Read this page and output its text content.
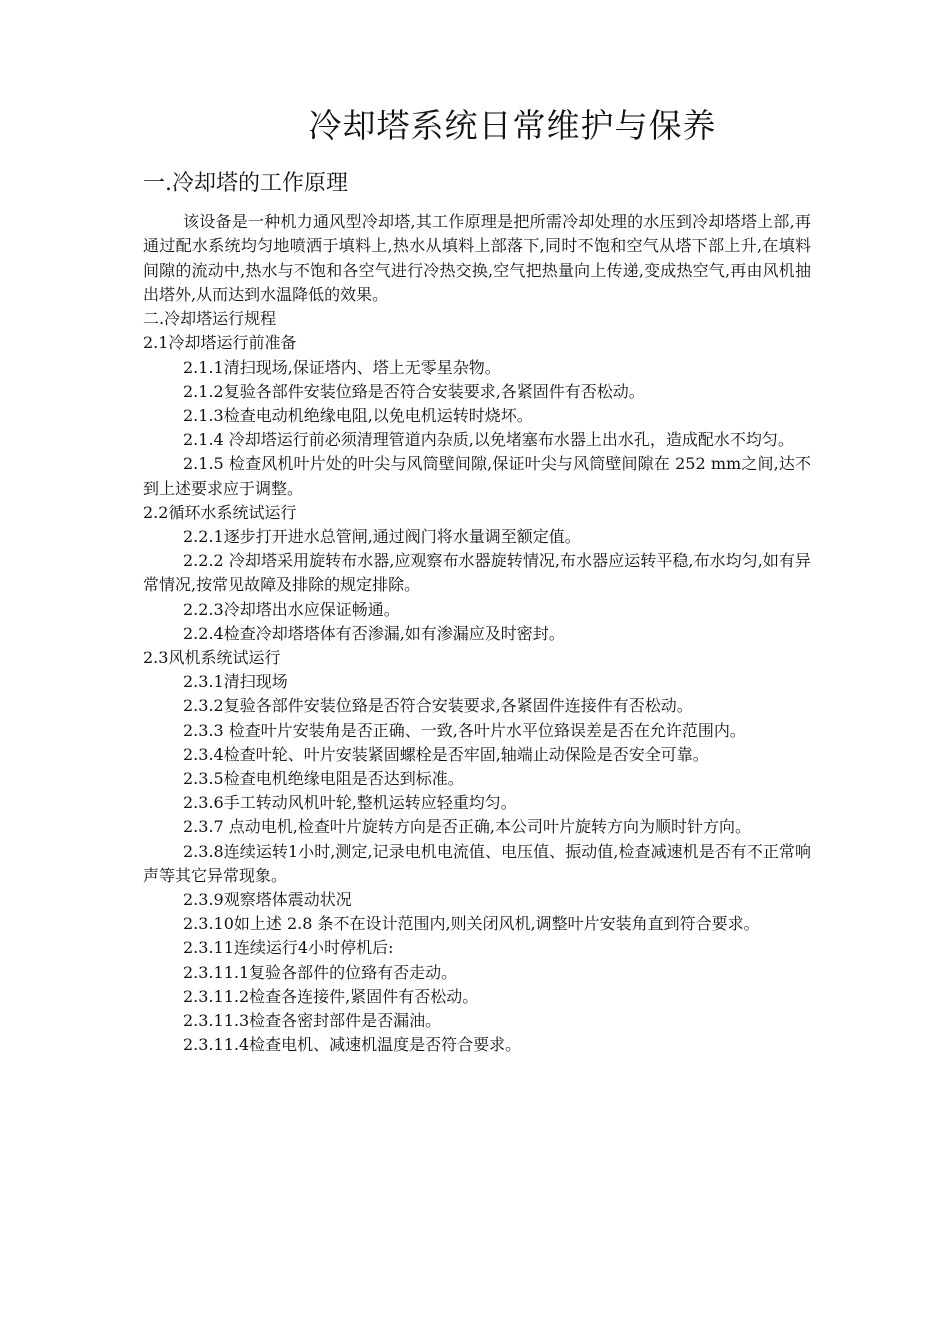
冷却塔系统日常维护与保养
一.冷却塔的工作原理

该设备是一种机力通风型冷却塔,其工作原理是把所需冷却处理的水压到冷却塔塔上部,再通过配水系统均匀地喷洒于填料上,热水从填料上部落下,同时不饱和空气从塔下部上升,在填料间隙的流动中,热水与不饱和各空气进行冷热交换,空气把热量向上传递,变成热空气,再由风机抽出塔外,从而达到水温降低的效果。

二.冷却塔运行规程

2.1冷却塔运行前准备

2.1.1清扫现场,保证塔内、塔上无零星杂物。

2.1.2复验各部件安装位臵是否符合安装要求,各紧固件有否松动。

2.1.3检查电动机绝缘电阻,以免电机运转时烧坏。

2.1.4 冷却塔运行前必须清理管道内杂质,以免堵塞布水器上出水孔，造成配水不均匀。

2.1.5 检查风机叶片处的叶尖与风筒壁间隙,保证叶尖与风筒壁间隙在 252 mm之间,达不到上述要求应于调整。

2.2循环水系统试运行

2.2.1逐步打开进水总管闸,通过阀门将水量调至额定值。

2.2.2 冷却塔采用旋转布水器,应观察布水器旋转情况,布水器应运转平稳,布水均匀,如有异常情况,按常见故障及排除的规定排除。

2.2.3冷却塔出水应保证畅通。

2.2.4检查冷却塔塔体有否渗漏,如有渗漏应及时密封。

2.3风机系统试运行

2.3.1清扫现场

2.3.2复验各部件安装位臵是否符合安装要求,各紧固件连接件有否松动。

2.3.3 检查叶片安装角是否正确、一致,各叶片水平位臵误差是否在允许范围内。

2.3.4检查叶轮、叶片安装紧固螺栓是否牢固,轴端止动保险是否安全可靠。

2.3.5检查电机绝缘电阻是否达到标准。

2.3.6手工转动风机叶轮,整机运转应轻重均匀。

2.3.7 点动电机,检查叶片旋转方向是否正确,本公司叶片旋转方向为顺时针方向。

2.3.8连续运转1小时,测定,记录电机电流值、电压值、振动值,检查减速机是否有不正常响声等其它异常现象。

2.3.9观察塔体震动状况

2.3.10如上述 2.8 条不在设计范围内,则关闭风机,调整叶片安装角直到符合要求。

2.3.11连续运行4小时停机后:

2.3.11.1复验各部件的位臵有否走动。

2.3.11.2检查各连接件,紧固件有否松动。

2.3.11.3检查各密封部件是否漏油。

2.3.11.4检查电机、减速机温度是否符合要求。
